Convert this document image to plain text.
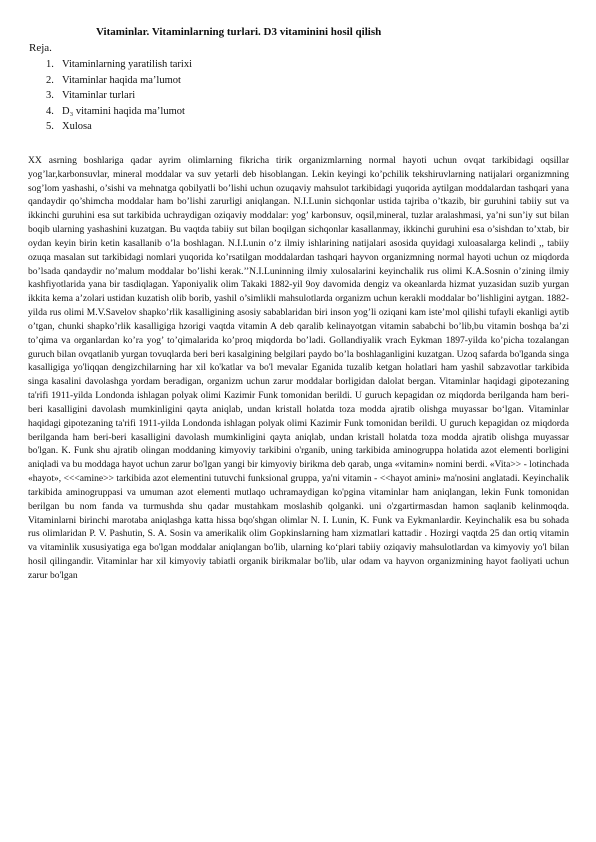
Vitaminlar. Vitaminlarning turlari. D3 vitaminini hosil qilish
Reja.
1. Vitaminlarning yaratilish tarixi
2. Vitaminlar haqida ma’lumot
3. Vitaminlar turlari
4. D₃ vitamini haqida ma’lumot
5. Xulosa

XX asrning boshlariga qadar ayrim olimlarning fikricha tirik organizmlarning normal hayoti uchun ovqat tarkibidagi oqsillar yog’lar,karbonsuvlar, mineral moddalar va suv yetarli deb hisoblangan. Lekin keyingi ko’pchilik tekshiruvlarning natijalari organizmning sog’lom yashashi, o’sishi va mehnatga qobilyatli bo’lishi uchun ozuqaviy mahsulot tarkibidagi yuqorida aytilgan moddalardan tashqari yana qandaydir qo’shimcha moddalar ham bo’lishi zarurligi aniqlangan. N.I.Lunin sichqonlar ustida tajriba o’tkazib, bir guruhini tabiiy sut va ikkinchi guruhini esa sut tarkibida uchraydigan oziqaviy moddalar: yog’ karbonsuv, oqsil,mineral, tuzlar aralashmasi, ya’ni sun’iy sut bilan boqib ularning yashashini kuzatgan. Bu vaqtda tabiiy sut bilan boqilgan sichqonlar kasallanmay, ikkinchi guruhini esa o’sishdan to’xtab, bir oydan keyin birin ketin kasallanib o’la boshlagan. N.I.Lunin o’z ilmiy ishlarining natijalari asosida quyidagi xuloasalarga kelindi ,, tabiiy ozuqa masalan sut tarkibidagi nomlari yuqorida ko’rsatilgan moddalardan tashqari hayvon organizmning normal hayoti uchun oz miqdorda bo’lsada qandaydir no’malum moddalar bo’lishi kerak.’’N.I.Luninning ilmiy xulosalarini keyinchalik rus olimi K.A.Sosnin o’zining ilmiy kashfiyotlarida yana bir tasdiqlagan. Yaponiyalik olim Takaki 1882-yil 9oy davomida dengiz va okeanlarda hizmat yuzasidan suzib yurgan ikkita kema a’zolari ustidan kuzatish olib borib, yashil o’simlikli mahsulotlarda organizm uchun kerakli moddalar bo’lishligini aytgan. 1882-yilda rus olimi M.V.Savelov shapko’rlik kasalligining asosiy sabablaridan biri inson yog’li oziqani kam iste’mol qilishi tufayli ekanligi aytib o’tgan, chunki shapko’rlik kasalligiga hzorigi vaqtda vitamin A deb qaralib kelinayotgan vitamin sababchi bo’lib,bu vitamin boshqa ba’zi to’qima va organlardan ko’ra yog’ to’qimalarida ko’proq miqdorda bo’ladi. Gollandiyalik vrach Eykman 1897-yilda ko’picha tozalangan guruch bilan ovqatlanib yurgan tovuqlarda beri beri kasalgining belgilari paydo bo’la boshlaganligini kuzatgan. Uzoq safarda bo'lganda singa kasalligiga yo'liqqan dengizchilarning har xil ko'katlar va bo'l mevalar Eganida tuzalib ketgan holatlari ham yashil sabzavotlar tarkibida singa kasalini davolashga yordam beradigan, organizm uchun zarur moddalar borligidan dalolat bergan. Vitaminlar haqidagi gipotezaning ta'rifi 1911-yilda Londonda ishlagan polyak olimi Kazimir Funk tomonidan berildi. U guruch kepagidan oz miqdorda berilganda ham beri-beri kasalligini davolash mumkinligini qayta aniqlab, undan kristall holatda toza modda ajratib olishga muyassar bo‘lgan. Vitaminlar haqidagi gipotezaning ta'rifi 1911-yilda Londonda ishlagan polyak olimi Kazimir Funk tomonidan berildi. U guruch kepagidan oz miqdorda berilganda ham beri-beri kasalligini davolash mumkinligini qayta aniqlab, undan kristall holatda toza modda ajratib olishga muyassar bo'lgan. K. Funk shu ajratib olingan moddaning kimyoviy tarkibini o'rganib, uning tarkibida aminogruppa holatida azot elementi borligini aniqladi va bu moddaga hayot uchun zarur bo'lgan yangi bir kimyoviy birikma deb qarab, unga «vitamin» nomini berdi. «Vita>> - lotinchada «hayot», <<<amine>> tarkibida azot elementini tutuvchi funksional gruppa, ya'ni vitamin - <<hayot amini» ma'nosini anglatadi. Keyinchalik tarkibida aminogruppasi va umuman azot elementi mutlaqo uchramaydigan ko'pgina vitaminlar ham aniqlangan, lekin Funk tomonidan berilgan bu nom fanda va turmushda shu qadar mustahkam moslashib qolganki. uni o'zgartirmasdan hamon saqlanib kelinmoqda. Vitaminlarni birinchi marotaba aniqlashga katta hissa bqo'shgan olimlar N. I. Lunin, K. Funk va Eykmanlardir. Keyinchalik esa bu sohada rus olimlaridan P. V. Pashutin, S. A. Sosin va amerikalik olim Gopkinslarning ham xizmatlari kattadir . Hozirgi vaqtda 25 dan ortiq vitamin va vitaminlik xususiyatiga ega bo'lgan moddalar aniqlangan bo'lib, ularning ko‘plari tabiiy oziqaviy mahsulotlardan va kimyoviy yo'l bilan hosil qilingandir. Vitaminlar har xil kimyoviy tabiatli organik birikmalar bo'lib, ular odam va hayvon organizmining hayot faoliyati uchun zarur bo'lgan
